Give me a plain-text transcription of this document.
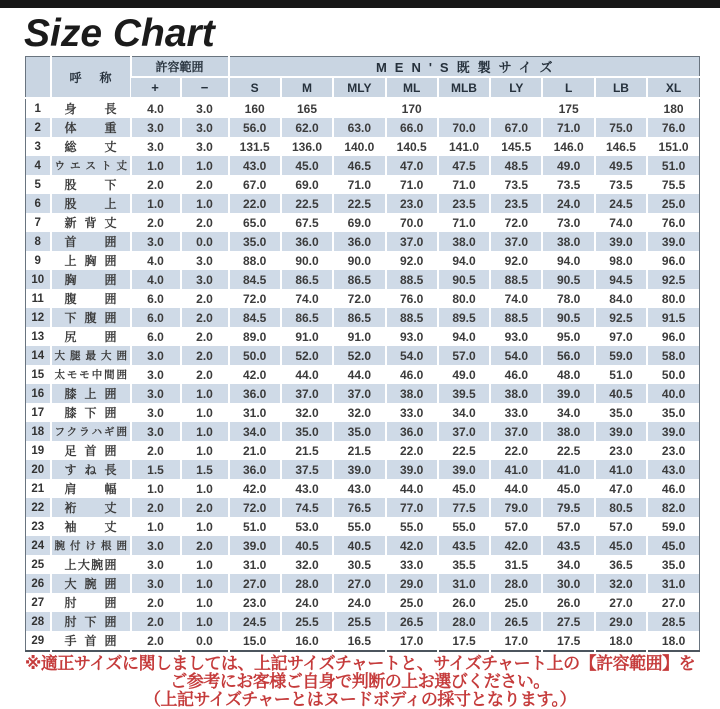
Size Chart
	呼称	許容範囲		MEN'S既製サイズ								
		+	−	S	M	MLY	ML	MLB	LY	L	LB	XL
1	身長	4.0	3.0	160	165		170			175		180
2	体重	3.0	3.0	56.0	62.0	63.0	66.0	70.0	67.0	71.0	75.0	76.0
3	総丈	3.0	3.0	131.5	136.0	140.0	140.5	141.0	145.5	146.0	146.5	151.0
4	ウエスト丈	1.0	1.0	43.0	45.0	46.5	47.0	47.5	48.5	49.0	49.5	51.0
5	股下	2.0	2.0	67.0	69.0	71.0	71.0	71.0	73.5	73.5	73.5	75.5
6	股上	1.0	1.0	22.0	22.5	22.5	23.0	23.5	23.5	24.0	24.5	25.0
7	新背丈	2.0	2.0	65.0	67.5	69.0	70.0	71.0	72.0	73.0	74.0	76.0
8	首囲	3.0	0.0	35.0	36.0	36.0	37.0	38.0	37.0	38.0	39.0	39.0
9	上胸囲	4.0	3.0	88.0	90.0	90.0	92.0	94.0	92.0	94.0	98.0	96.0
10	胸囲	4.0	3.0	84.5	86.5	86.5	88.5	90.5	88.5	90.5	94.5	92.5
11	腹囲	6.0	2.0	72.0	74.0	72.0	76.0	80.0	74.0	78.0	84.0	80.0
12	下腹囲	6.0	2.0	84.5	86.5	86.5	88.5	89.5	88.5	90.5	92.5	91.5
13	尻囲	6.0	2.0	89.0	91.0	91.0	93.0	94.0	93.0	95.0	97.0	96.0
14	大腿最大囲	3.0	2.0	50.0	52.0	52.0	54.0	57.0	54.0	56.0	59.0	58.0
15	太モモ中間囲	3.0	2.0	42.0	44.0	44.0	46.0	49.0	46.0	48.0	51.0	50.0
16	膝上囲	3.0	1.0	36.0	37.0	37.0	38.0	39.5	38.0	39.0	40.5	40.0
17	膝下囲	3.0	1.0	31.0	32.0	32.0	33.0	34.0	33.0	34.0	35.0	35.0
18	フクラハギ囲	3.0	1.0	34.0	35.0	35.0	36.0	37.0	37.0	38.0	39.0	39.0
19	足首囲	2.0	1.0	21.0	21.5	21.5	22.0	22.5	22.0	22.5	23.0	23.0
20	すね長	1.5	1.5	36.0	37.5	39.0	39.0	39.0	41.0	41.0	41.0	43.0
21	肩幅	1.0	1.0	42.0	43.0	43.0	44.0	45.0	44.0	45.0	47.0	46.0
22	裄丈	2.0	2.0	72.0	74.5	76.5	77.0	77.5	79.0	79.5	80.5	82.0
23	袖丈	1.0	1.0	51.0	53.0	55.0	55.0	55.0	57.0	57.0	57.0	59.0
24	腕付け根囲	3.0	2.0	39.0	40.5	40.5	42.0	43.5	42.0	43.5	45.0	45.0
25	上大腕囲	3.0	1.0	31.0	32.0	30.5	33.0	35.5	31.5	34.0	36.5	35.0
26	大腕囲	3.0	1.0	27.0	28.0	27.0	29.0	31.0	28.0	30.0	32.0	31.0
27	肘囲	2.0	1.0	23.0	24.0	24.0	25.0	26.0	25.0	26.0	27.0	27.0
28	肘下囲	2.0	1.0	24.5	25.5	25.5	26.5	28.0	26.5	27.5	29.0	28.5
29	手首囲	2.0	0.0	15.0	16.0	16.5	17.0	17.5	17.0	17.5	18.0	18.0
※適正サイズに関しましては、上記サイズチャートと、サイズチャート上の【許容範囲】を
ご参考にお客様ご自身で判断の上お選びください。
（上記サイズチャーとはヌードボディの採寸となります。）
